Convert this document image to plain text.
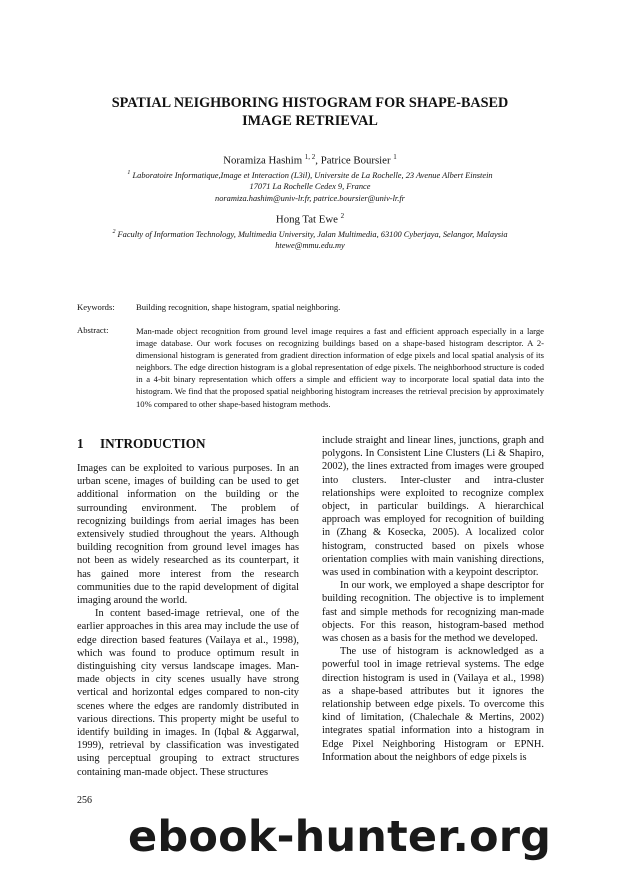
SPATIAL NEIGHBORING HISTOGRAM FOR SHAPE-BASED
IMAGE RETRIEVAL
Noramiza Hashim $^{1, 2}$, Patrice Boursier $^1$
$^1$ Laboratoire Informatique,Image et Interaction (L3il), Universite de La Rochelle, 23 Avenue Albert Einstein
17071 La Rochelle Cedex 9, France
noramiza.hashim@univ-lr.fr, patrice.boursier@univ-lr.fr
Hong Tat Ewe $^2$
$^2$ Faculty of Information Technology, Multimedia University, Jalan Multimedia, 63100 Cyberjaya, Selangor, Malaysia
htewe@mmu.edu.my
Keywords: Building recognition, shape histogram, spatial neighboring.
Abstract:	Man-made object recognition from ground level image requires a fast and efficient approach especially in a large image database. Our work focuses on recognizing buildings based on a shape-based histogram descriptor. A 2-dimensional histogram is generated from gradient direction information of edge pixels and local spatial analysis of its neighbors. The edge direction histogram is a global representation of edge pixels. The neighborhood structure is coded in a 4-bit binary representation which offers a simple and efficient way to incorporate local spatial data into the histogram. We find that the proposed spatial neighboring histogram increases the retrieval precision by approximately 10% compared to other shape-based histogram methods.
1 INTRODUCTION

Images can be exploited to various purposes. In an urban scene, images of building can be used to get additional information on the building or the surrounding environment. The problem of recognizing buildings from aerial images has been extensively studied throughout the years. Although building recognition from ground level images has not been as widely researched as its counterpart, it has gained more interest from the research communities due to the rapid development of digital imaging around the world.

In content based-image retrieval, one of the earlier approaches in this area may include the use of edge direction based features (Vailaya et al., 1998), which was found to produce optimum result in distinguishing city versus landscape images. Man-made objects in city scenes usually have strong vertical and horizontal edges compared to non-city scenes where the edges are randomly distributed in various directions. This property might be useful to identify building in images. In (Iqbal & Aggarwal, 1999), retrieval by classification was investigated using perceptual grouping to extract structures containing man-made object. These structures

include straight and linear lines, junctions, graph and polygons. In Consistent Line Clusters (Li & Shapiro, 2002), the lines extracted from images were grouped into clusters. Inter-cluster and intra-cluster relationships were exploited to recognize complex object, in particular buildings. A hierarchical approach was employed for recognition of building in (Zhang & Kosecka, 2005). A localized color histogram, constructed based on pixels whose orientation complies with main vanishing directions, was used in combination with a keypoint descriptor.

In our work, we employed a shape descriptor for building recognition. The objective is to implement fast and simple methods for recognizing man-made objects. For this reason, histogram-based method was chosen as a basis for the method we developed.

The use of histogram is acknowledged as a powerful tool in image retrieval systems. The edge direction histogram is used in (Vailaya et al., 1998) as a shape-based attributes but it ignores the relationship between edge pixels. To overcome this kind of limitation, (Chalechale & Mertins, 2002) integrates spatial information into a histogram in Edge Pixel Neighboring Histogram or EPNH. Information about the neighbors of edge pixels is

256
ebook-hunter.org
